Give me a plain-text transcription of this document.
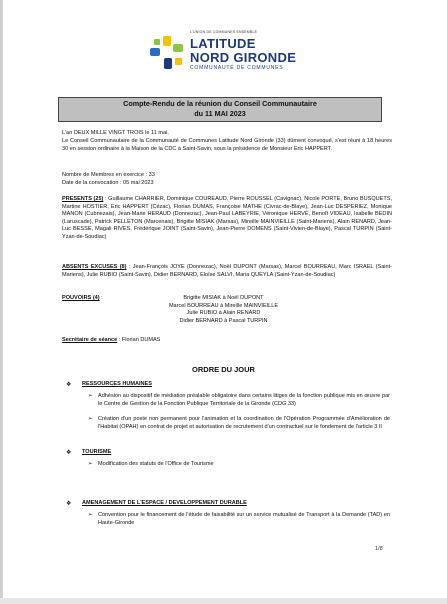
L'UNION DE COMMUNES ENSEMBLE
LATITUDE
NORD GIRONDE
COMMUNAUTÉ DE COMMUNES
Compte-Rendu de la réunion du Conseil Communautaire
du 11 MAI 2023
L'an DEUX MILLE VINGT TROIS le 11 mai,
Le Conseil Communautaire de la Communauté de Communes Latitude Nord Gironde (33) dûment convoqué, s'est réuni à 18 heures 30 en session ordinaire à la Maison de la CDC à Saint-Savin, sous la présidence de Monsieur Eric HAPPERT.
Nombre de Membres en exercice : 33
Date de la convocation : 05 mai 2023
PRESENTS (25) : Guillaume CHARRIER, Dominique COUREAUD, Pierre ROUSSEL (Cavignac), Nicole PORTE, Bruno BUSQUETS, Martine HOSTIER, Eric HAPPERT (Cézac), Florian DUMAS, Françoise MATHE (Civrac-de-Blaye), Jean-Luc DESPERIEZ, Monique MANON (Cubnezais), Jean-Marie HERAUD (Donnezac), Jean-Paul LABEYRIE, Véronique HERVÉ, Benoît VIDEAU, Isabelle BEDIN (Laruscade), Patrick PELLETON (Marcenais), Brigitte MISIAK (Marsas), Mireille MAINVIEILLE (Saint-Mariens), Alain RENARD, Jean-Luc BESSE, Magali RIVES, Frédérique JOINT (Saint-Savin), Jean-Pierre DOMENS (Saint-Vivien-de-Blaye), Pascal TURPIN (Saint-Yzan-de-Soudiac)
ABSENTS EXCUSES (8) : Jean-François JOYE (Donnezac), Noël DUPONT (Marsas), Marcel BOURREAU, Marc ISRAEL (Saint-Mariens), Julie RUBIO (Saint-Savin), Didier BERNARD, Eloïse SALVI, Maria QUEYLA (Saint-Yzan-de-Soudiac)
POUVOIRS (4) :	Brigitte MISIAK à Noël DUPONT
Marcel BOURREAU à Mireille MAINVIEILLE
Julie RUBIO à Alain RENARD
Didier BERNARD à Pascal TURPIN
Secrétaire de séance : Florian DUMAS
ORDRE DU JOUR
❖ RESSOURCES HUMAINES
➢ Adhésion au dispositif de médiation préalable obligatoire dans certains litiges de la fonction publique mis en œuvre par le Centre de Gestion de la Fonction Publique Territoriale de la Gironde (CDG 33)
➢ Création d'un poste non permanent pour l'animation et la coordination de l'Opération Programmée d'Amélioration de l'Habitat (OPAH) en contrat de projet et autorisation de recrutement d'un contractuel sur le fondement de l'article 3 II
❖ TOURISME
➢ Modification des statuts de l'Office de Tourisme
❖ AMENAGEMENT DE L'ESPACE / DEVELOPPEMENT DURABLE
➢ Convention pour le financement de l'étude de faisabilité sur un service mutualisé de Transport à la Demande (TAD) en Haute-Gironde
1/8
